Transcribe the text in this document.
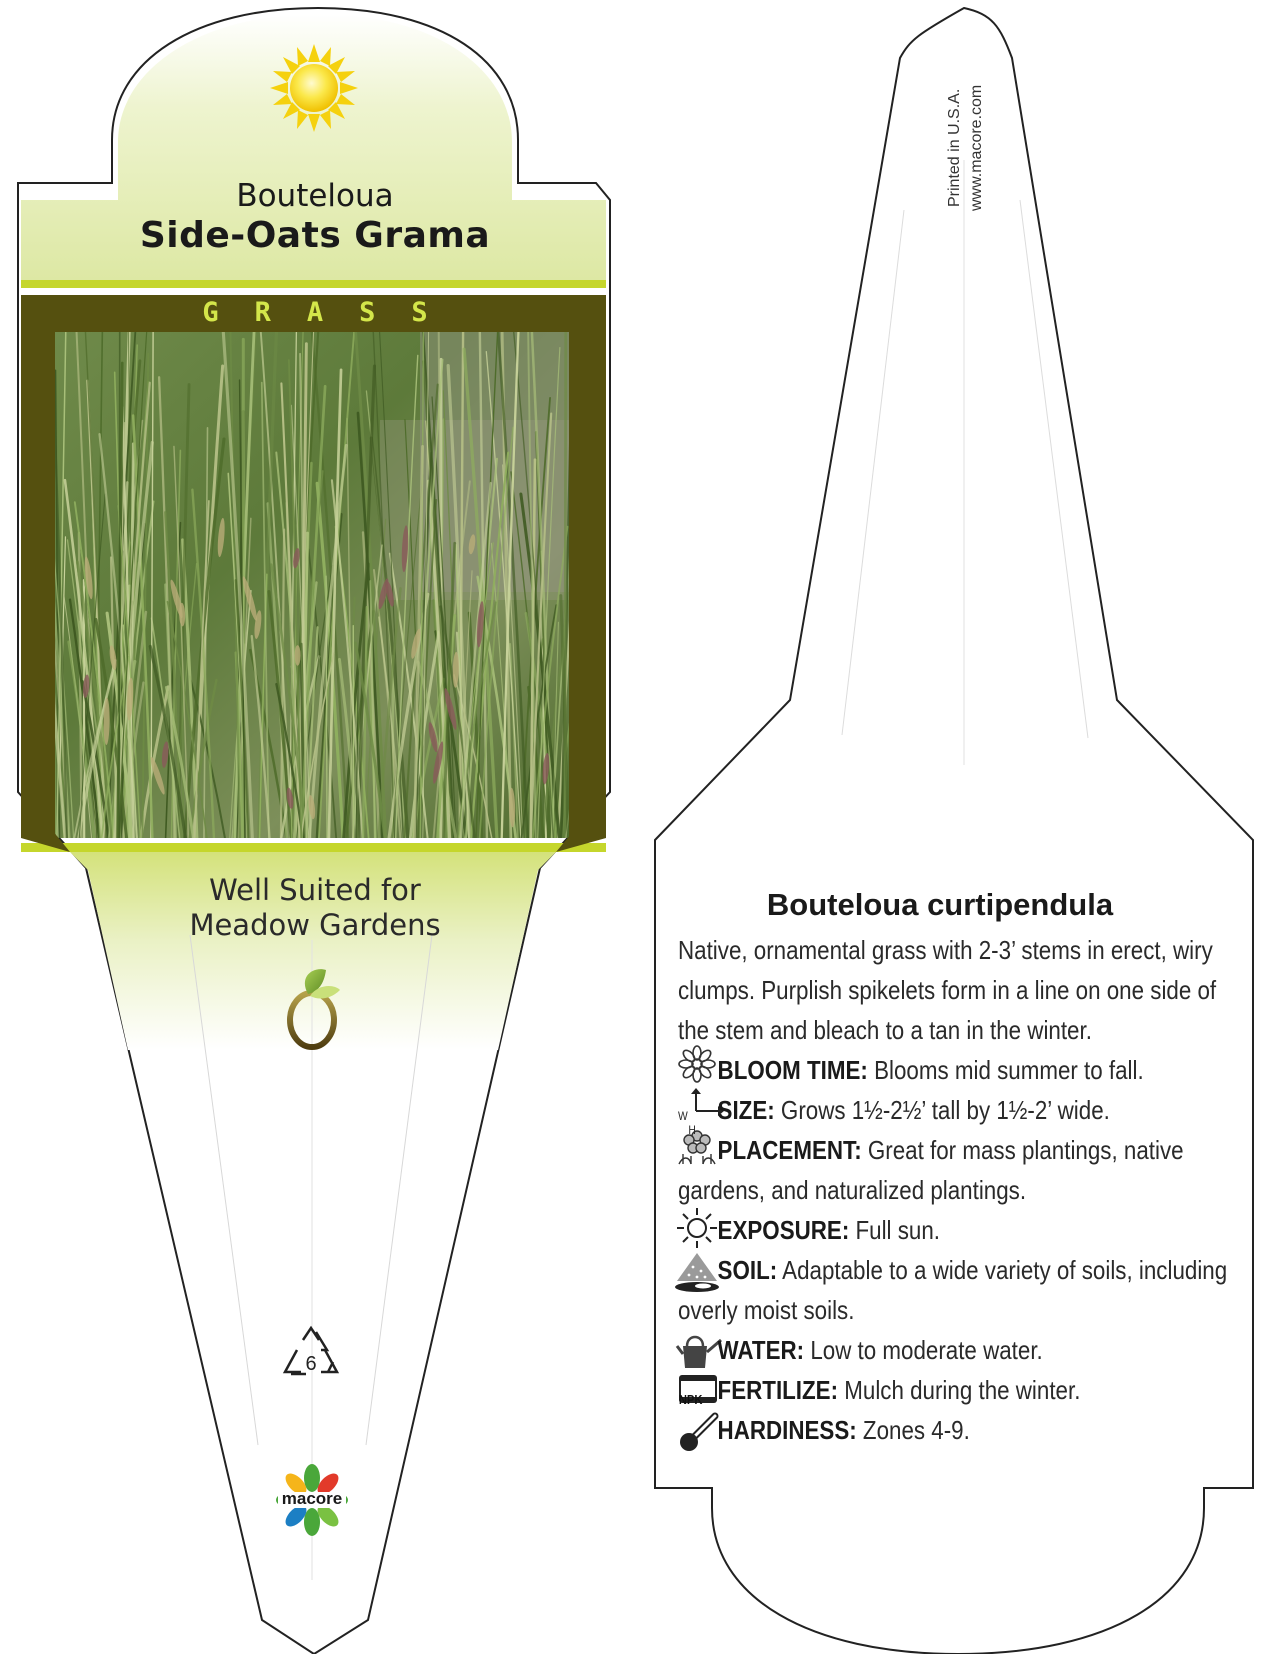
Bouteloua
Side-Oats Grama
GRASS
Well Suited for
Meadow Gardens
6
macore
Printed in U.S.A. www.macore.com
Bouteloua curtipendula

Native, ornamental grass with 2-3’ stems in erect, wiry clumps. Purplish spikelets form in a line on one side of the stem and bleach to a tan in the winter.

BLOOM TIME: Blooms mid summer to fall.

W
H
SIZE: Grows 1½-2½’ tall by 1½-2’ wide.

PLACEMENT: Great for mass plantings, native gardens, and naturalized plantings.

EXPOSURE: Full sun.

SOIL: Adaptable to a wide variety of soils, including overly moist soils.

WATER: Low to moderate water.

NPK FERTILIZE: Mulch during the winter.

HARDINESS: Zones 4-9.
